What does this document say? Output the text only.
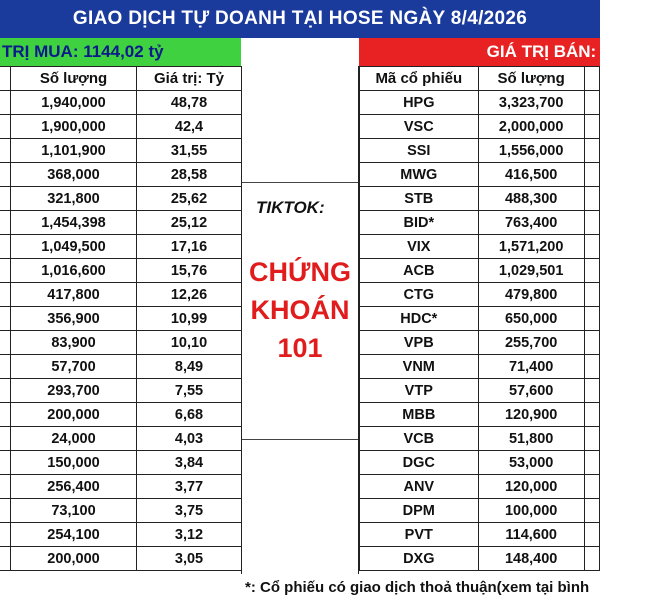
GIAO DỊCH TỰ DOANH TẠI HOSE NGÀY 8/4/2026
TRỊ MUA: 1144,02 tỷ	GIÁ TRỊ BÁN: 1180,4
	Số lượng	Giá trị: Tỷ
	1,940,000	48,78
	1,900,000	42,4
	1,101,900	31,55
	368,000	28,58
	321,800	25,62
	1,454,398	25,12
	1,049,500	17,16
	1,016,600	15,76
	417,800	12,26
	356,900	10,99
	83,900	10,10
	57,700	8,49
	293,700	7,55
	200,000	6,68
	24,000	4,03
	150,000	3,84
	256,400	3,77
	73,100	3,75
	254,100	3,12
	200,000	3,05
TIKTOK:
CHỨNG
KHOÁN
101
Mã cổ phiếu	Số lượng	
HPG	3,323,700	
VSC	2,000,000	
SSI	1,556,000	
MWG	416,500	
STB	488,300	
BID*	763,400	
VIX	1,571,200	
ACB	1,029,501	
CTG	479,800	
HDC*	650,000	
VPB	255,700	
VNM	71,400	
VTP	57,600	
MBB	120,900	
VCB	51,800	
DGC	53,000	
ANV	120,000	
DPM	100,000	
PVT	114,600	
DXG	148,400	
*: Cổ phiếu có giao dịch thoả thuận(xem tại bình
